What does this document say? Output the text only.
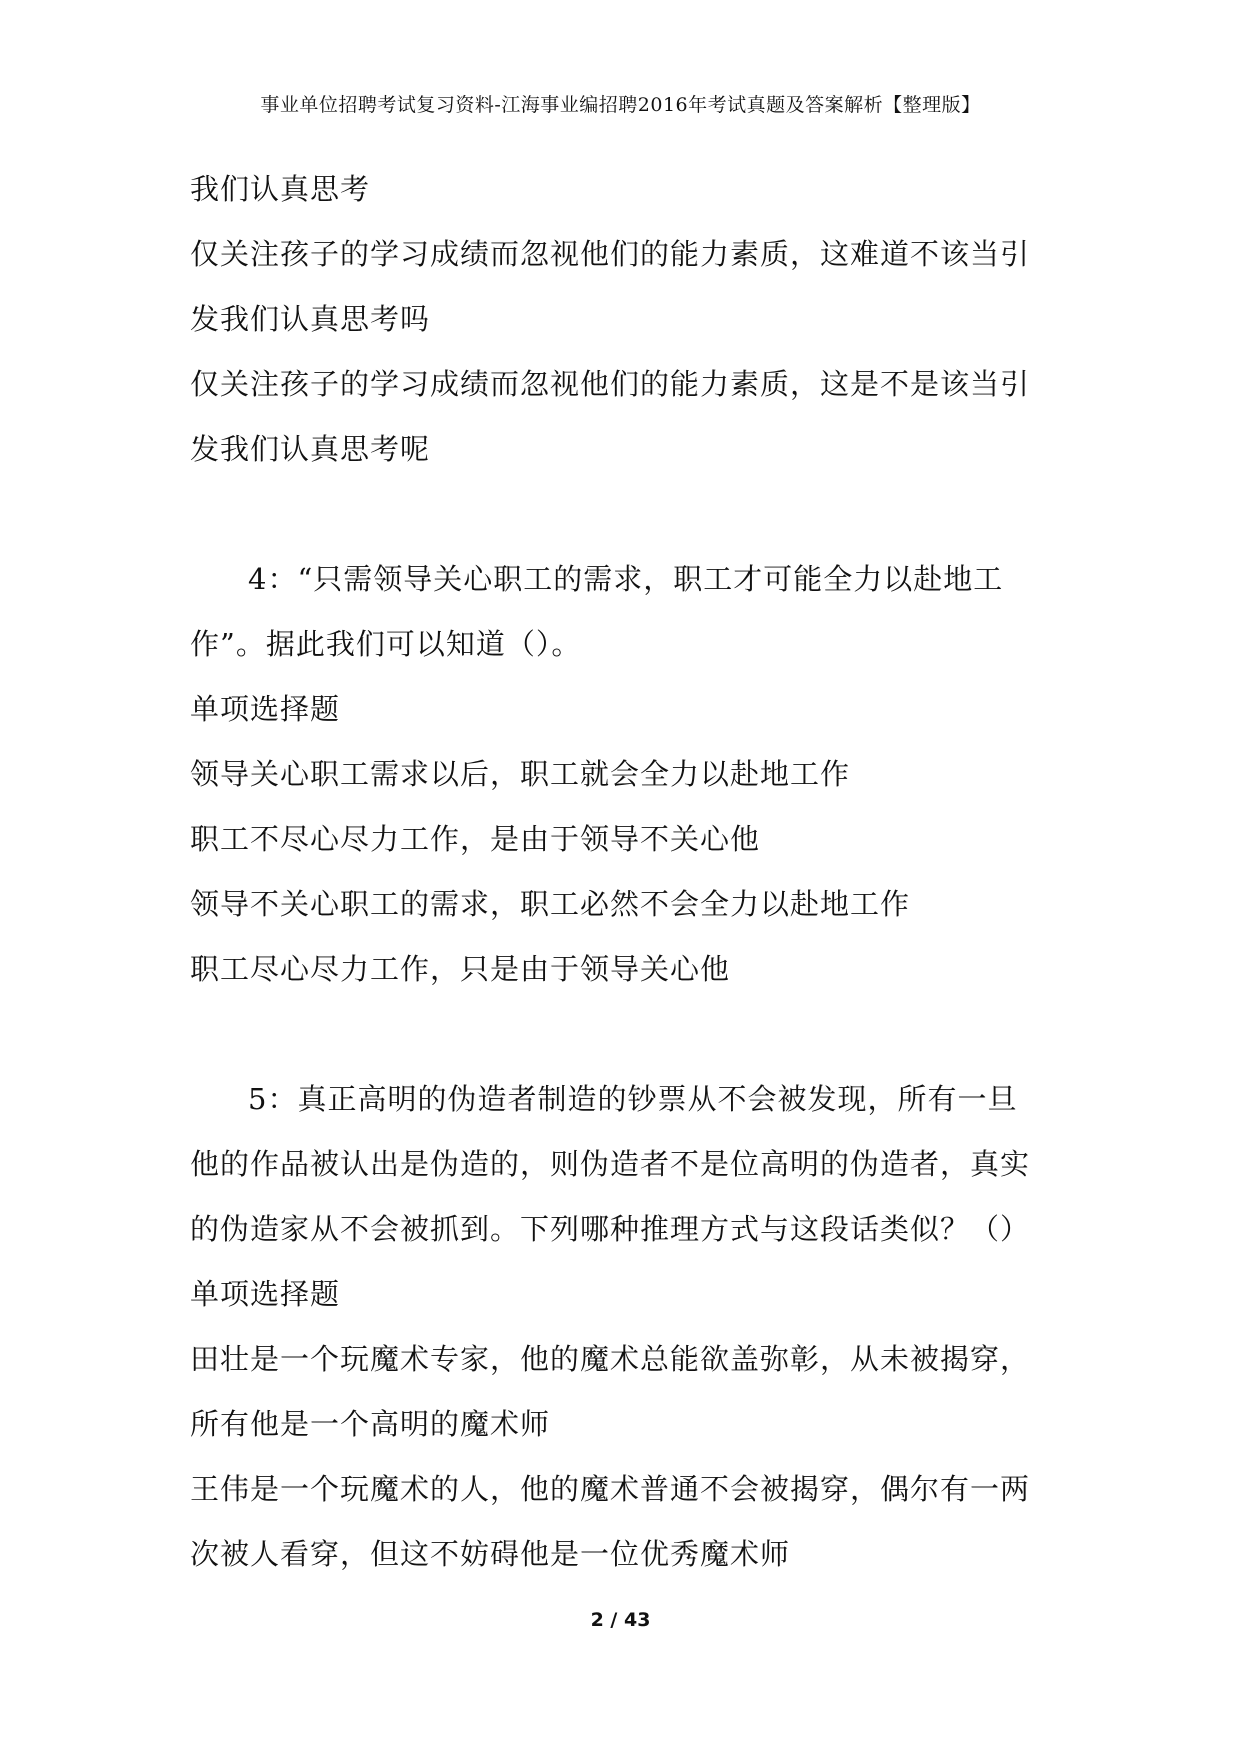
事业单位招聘考试复习资料-江海事业编招聘2016年考试真题及答案解析【整理版】
我们认真思考
仅关注孩子的学习成绩而忽视他们的能力素质，这难道不该当引
发我们认真思考吗
仅关注孩子的学习成绩而忽视他们的能力素质，这是不是该当引
发我们认真思考呢
4：“只需领导关心职工的需求，职工才可能全力以赴地工
作”。据此我们可以知道（）。
单项选择题
领导关心职工需求以后，职工就会全力以赴地工作
职工不尽心尽力工作，是由于领导不关心他
领导不关心职工的需求，职工必然不会全力以赴地工作
职工尽心尽力工作，只是由于领导关心他
5：真正高明的伪造者制造的钞票从不会被发现，所有一旦
他的作品被认出是伪造的，则伪造者不是位高明的伪造者，真实
的伪造家从不会被抓到。下列哪种推理方式与这段话类似？（）
单项选择题
田壮是一个玩魔术专家，他的魔术总能欲盖弥彰，从未被揭穿，
所有他是一个高明的魔术师
王伟是一个玩魔术的人，他的魔术普通不会被揭穿，偶尔有一两
次被人看穿，但这不妨碍他是一位优秀魔术师
2 / 43
